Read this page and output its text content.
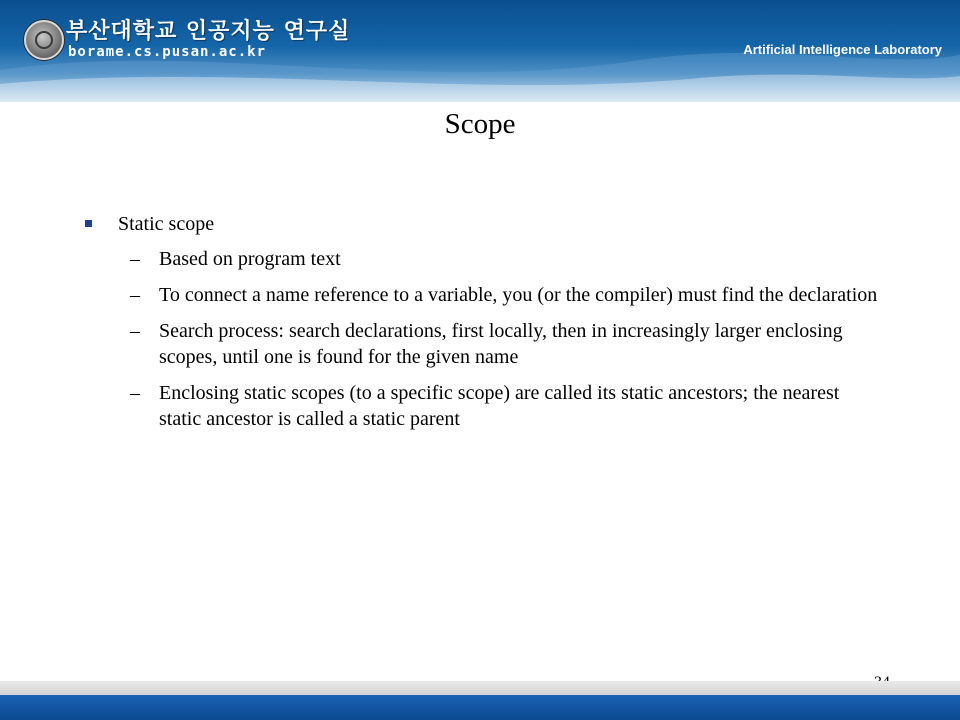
부산대학교 인공지능 연구실
borame.cs.pusan.ac.kr	Artificial Intelligence Laboratory
Scope
Static scope
– Based on program text
– To connect a name reference to a variable, you (or the compiler) must find the declaration
– Search process: search declarations, first locally, then in increasingly larger enclosing scopes, until one is found for the given name
– Enclosing static scopes (to a specific scope) are called its static ancestors; the nearest static ancestor is called a static parent
